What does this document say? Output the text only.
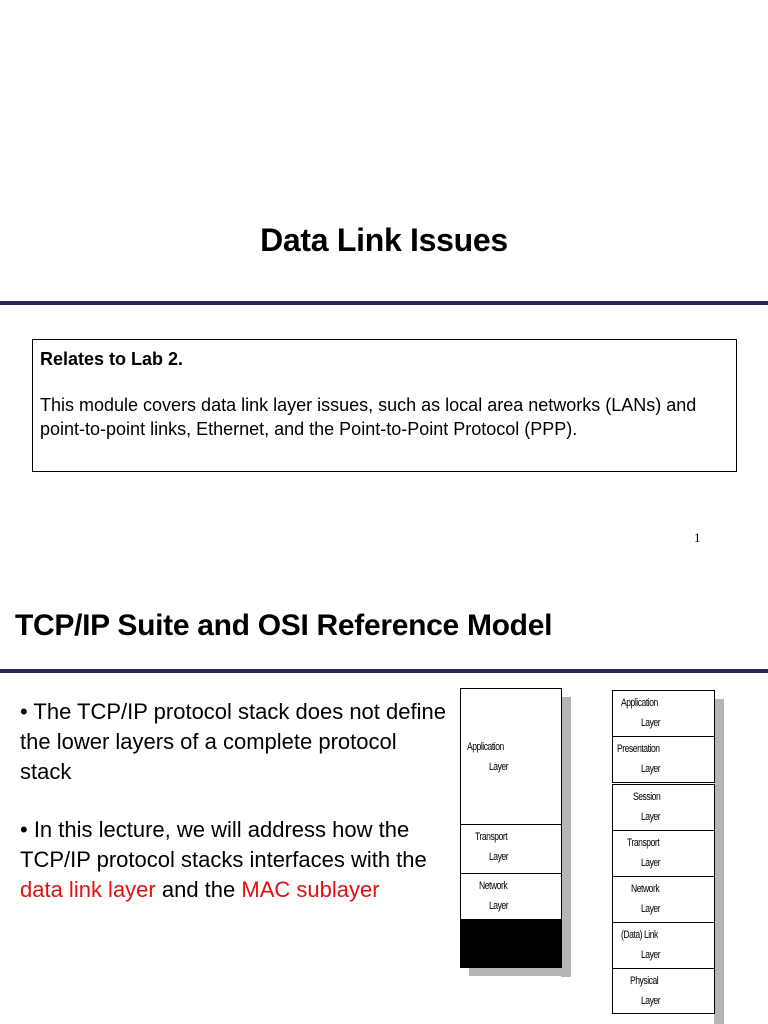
Data Link Issues
Relates to Lab 2.
This module covers data link layer issues, such as local area networks (LANs) and point-to-point links, Ethernet, and the Point-to-Point Protocol (PPP).
1
TCP/IP Suite and OSI Reference Model

• The TCP/IP protocol stack does not define the lower layers of a complete protocol stack

• In this lecture, we will address how the TCP/IP protocol stacks interfaces with the data link layer and the MAC sublayer

Application
Layer
Transport
Layer
Network
Layer
Application
Layer
Presentation
Layer
Session
Layer
Transport
Layer
Network
Layer
(Data) Link
Layer
Physical
Layer
